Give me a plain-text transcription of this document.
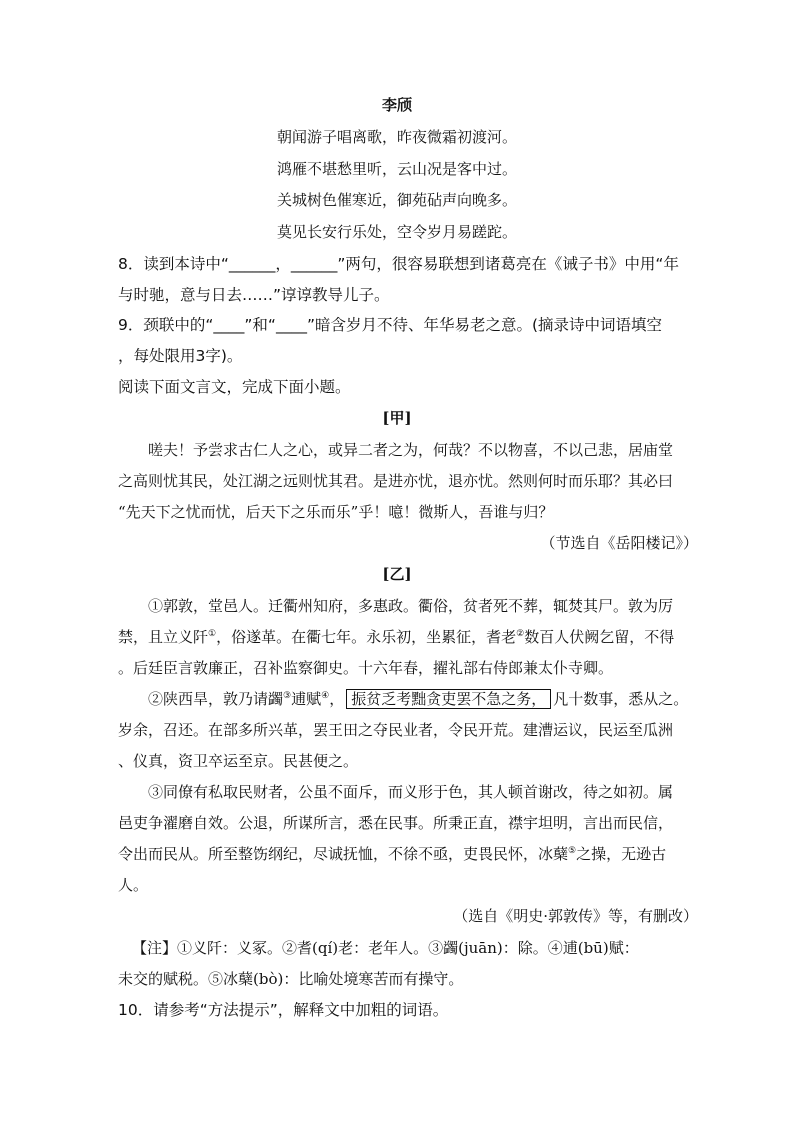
李颀
朝闻游子唱离歌，昨夜微霜初渡河。
鸿雁不堪愁里听，云山况是客中过。
关城树色催寒近，御苑砧声向晚多。
莫见长安行乐处，空令岁月易蹉跎。
8．读到本诗中“______，______”两句，很容易联想到诸葛亮在《诫子书》中用“年
与时驰，意与日去……”谆谆教导儿子。
9．颈联中的“____”和“____”暗含岁月不待、年华易老之意。(摘录诗中词语填空
，每处限用3字)。
阅读下面文言文，完成下面小题。
[甲]
嗟夫！予尝求古仁人之心，或异二者之为，何哉？不以物喜，不以己悲，居庙堂
之高则忧其民，处江湖之远则忧其君。是进亦忧，退亦忧。然则何时而乐耶？其必曰
“先天下之忧而忧，后天下之乐而乐”乎！噫！微斯人，吾谁与归？
（节选自《岳阳楼记》）
[乙]
①郭敦，堂邑人。迁衢州知府，多惠政。衢俗，贫者死不葬，辄焚其尸。敦为厉
禁，且立义阡①，俗遂革。在衢七年。永乐初，坐累征，耆老②数百人伏阙乞留，不得
。后廷臣言敦廉正，召补监察御史。十六年春，擢礼部右侍郎兼太仆寺卿。
②陕西旱，敦乃请蠲③逋赋④， 振贫乏考黜贪吏罢不急之务， 凡十数事，悉从之。
岁余，召还。在部多所兴革，罢王田之夺民业者，令民开荒。建漕运议，民运至瓜洲
、仪真，资卫卒运至京。民甚便之。
③同僚有私取民财者，公虽不面斥，而义形于色，其人顿首谢改，待之如初。属
邑吏争濯磨自效。公退，所谋所言，悉在民事。所秉正直，襟宇坦明，言出而民信，
令出而民从。所至整饬纲纪，尽诚抚恤，不徐不亟，吏畏民怀，冰蘖⑤之操，无逊古
人。
（选自《明史·郭敦传》等，有删改）
【注】①义阡：义冢。②耆(qí)老：老年人。③蠲(juān)：除。④逋(bū)赋：
未交的赋税。⑤冰蘖(bò)：比喻处境寒苦而有操守。
10．请参考“方法提示”，解释文中加粗的词语。
